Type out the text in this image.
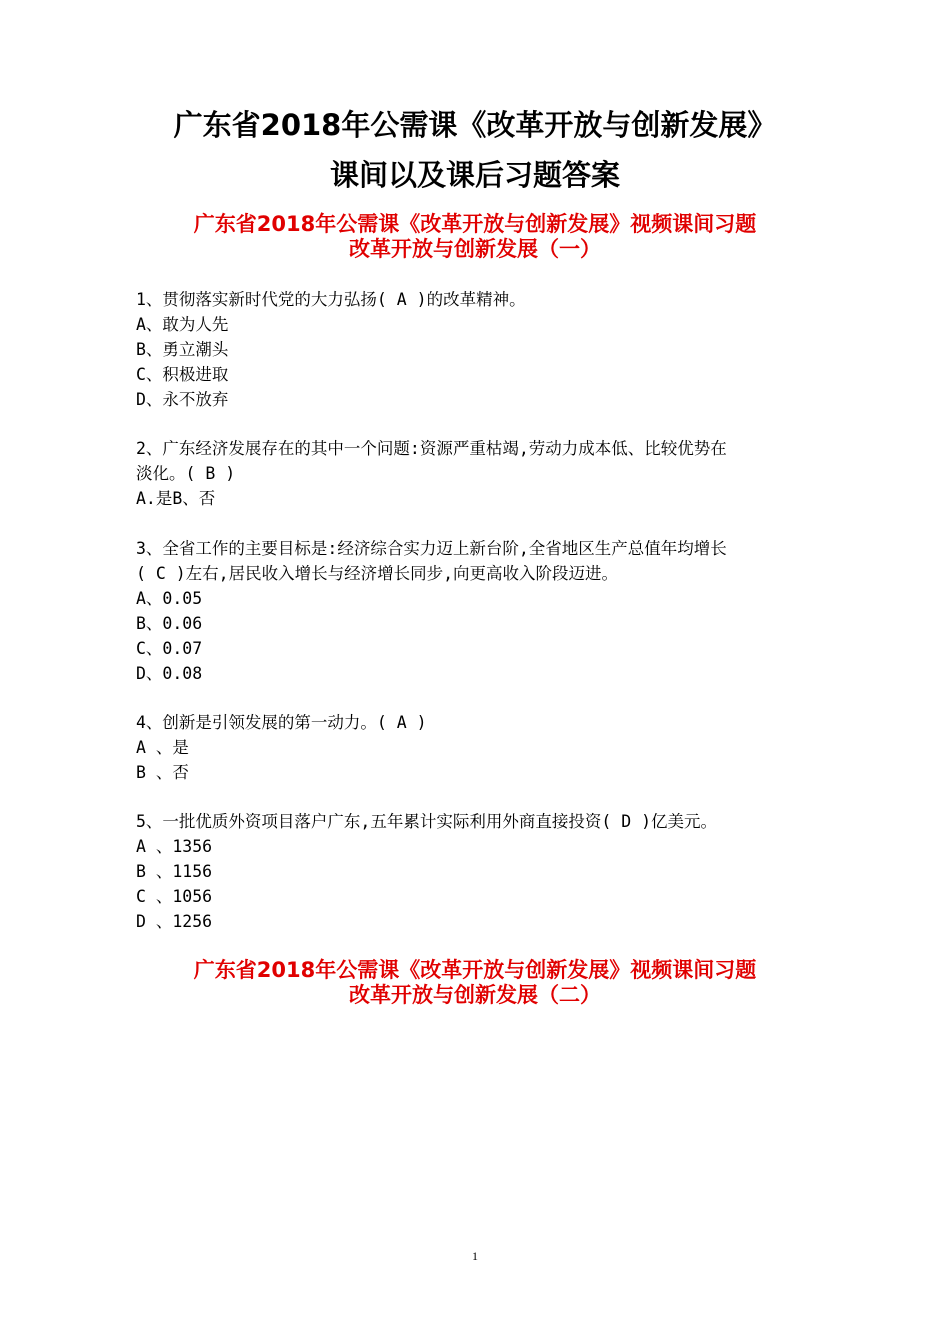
广东省2018年公需课《改革开放与创新发展》
课间以及课后习题答案
广东省2018年公需课《改革开放与创新发展》视频课间习题
改革开放与创新发展（一）
1、贯彻落实新时代党的大力弘扬( A )的改革精神。
A、敢为人先
B、勇立潮头
C、积极进取
D、永不放弃
2、广东经济发展存在的其中一个问题:资源严重枯竭,劳动力成本低、比较优势在
淡化。( B )
A.是B、否
3、全省工作的主要目标是:经济综合实力迈上新台阶,全省地区生产总值年均增长
( C )左右,居民收入增长与经济增长同步,向更高收入阶段迈进。
A、0.05
B、0.06
C、0.07
D、0.08
4、创新是引领发展的第一动力。( A )
A 、是
B 、否
5、一批优质外资项目落户广东,五年累计实际利用外商直接投资( D )亿美元。
A 、1356
B 、1156
C 、1056
D 、1256
广东省2018年公需课《改革开放与创新发展》视频课间习题
改革开放与创新发展（二）
1
